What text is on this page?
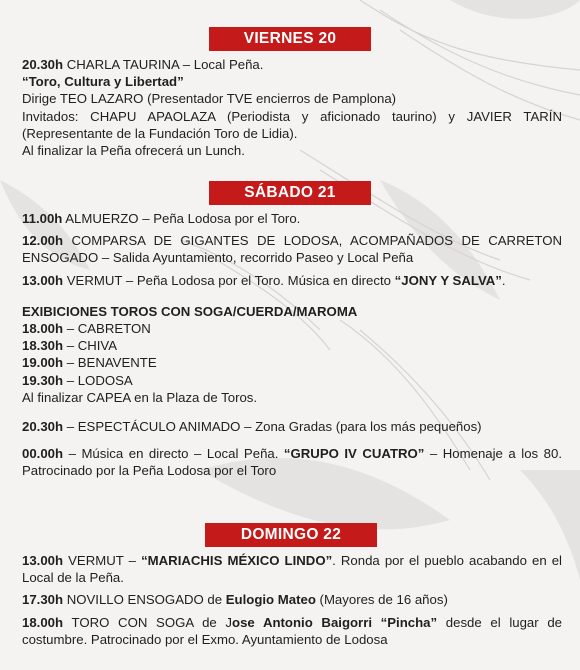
VIERNES 20
20.30h CHARLA TAURINA – Local Peña.
“Toro, Cultura y Libertad”
Dirige TEO LAZARO (Presentador TVE encierros de Pamplona)
Invitados: CHAPU APAOLAZA (Periodista y aficionado taurino) y JAVIER TARÍN (Representante de la Fundación Toro de Lidia).
Al finalizar la Peña ofrecerá un Lunch.
SÁBADO 21
11.00h ALMUERZO – Peña Lodosa por el Toro.
12.00h COMPARSA DE GIGANTES DE LODOSA, ACOMPAÑADOS DE CARRETON ENSOGADO – Salida Ayuntamiento, recorrido Paseo y Local Peña
13.00h VERMUT – Peña Lodosa por el Toro. Música en directo “JONY Y SALVA”.
EXIBICIONES TOROS CON SOGA/CUERDA/MAROMA
18.00h – CABRETON
18.30h – CHIVA
19.00h – BENAVENTE
19.30h – LODOSA
Al finalizar CAPEA en la Plaza de Toros.
20.30h – ESPECTÁCULO ANIMADO – Zona Gradas (para los más pequeños)
00.00h – Música en directo – Local Peña. “GRUPO IV CUATRO” – Homenaje a los 80. Patrocinado por la Peña Lodosa por el Toro
DOMINGO 22
13.00h VERMUT – “MARIACHIS MÉXICO LINDO”. Ronda por el pueblo acabando en el Local de la Peña.
17.30h NOVILLO ENSOGADO de Eulogio Mateo (Mayores de 16 años)
18.00h TORO CON SOGA de Jose Antonio Baigorri “Pincha” desde el lugar de costumbre. Patrocinado por el Exmo. Ayuntamiento de Lodosa
